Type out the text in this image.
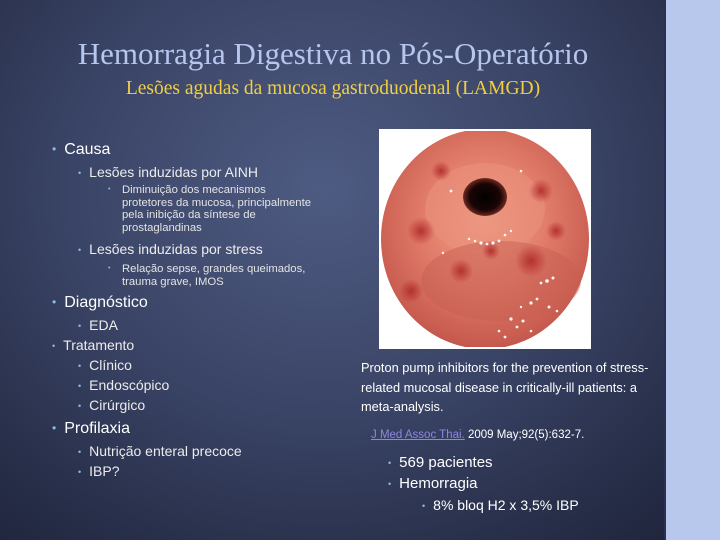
Hemorragia Digestiva no Pós-Operatório
Lesões agudas da mucosa gastroduodenal (LAMGD)
• Causa
• Lesões induzidas por AINH
• Diminuição dos mecanismos protetores da mucosa, principalmente pela inibição da síntese de prostaglandinas
• Lesões induzidas por stress
• Relação sepse, grandes queimados, trauma grave, IMOS
• Diagnóstico
• EDA
• Tratamento
• Clínico
• Endoscópico
• Cirúrgico
• Profilaxia
• Nutrição enteral precoce
• IBP?
Proton pump inhibitors for the prevention of stress-related mucosal disease in critically-ill patients: a meta-analysis.
J Med Assoc Thai. 2009 May;92(5):632-7.
• 569 pacientes
• Hemorragia
• 8% bloq H2 x 3,5% IBP
